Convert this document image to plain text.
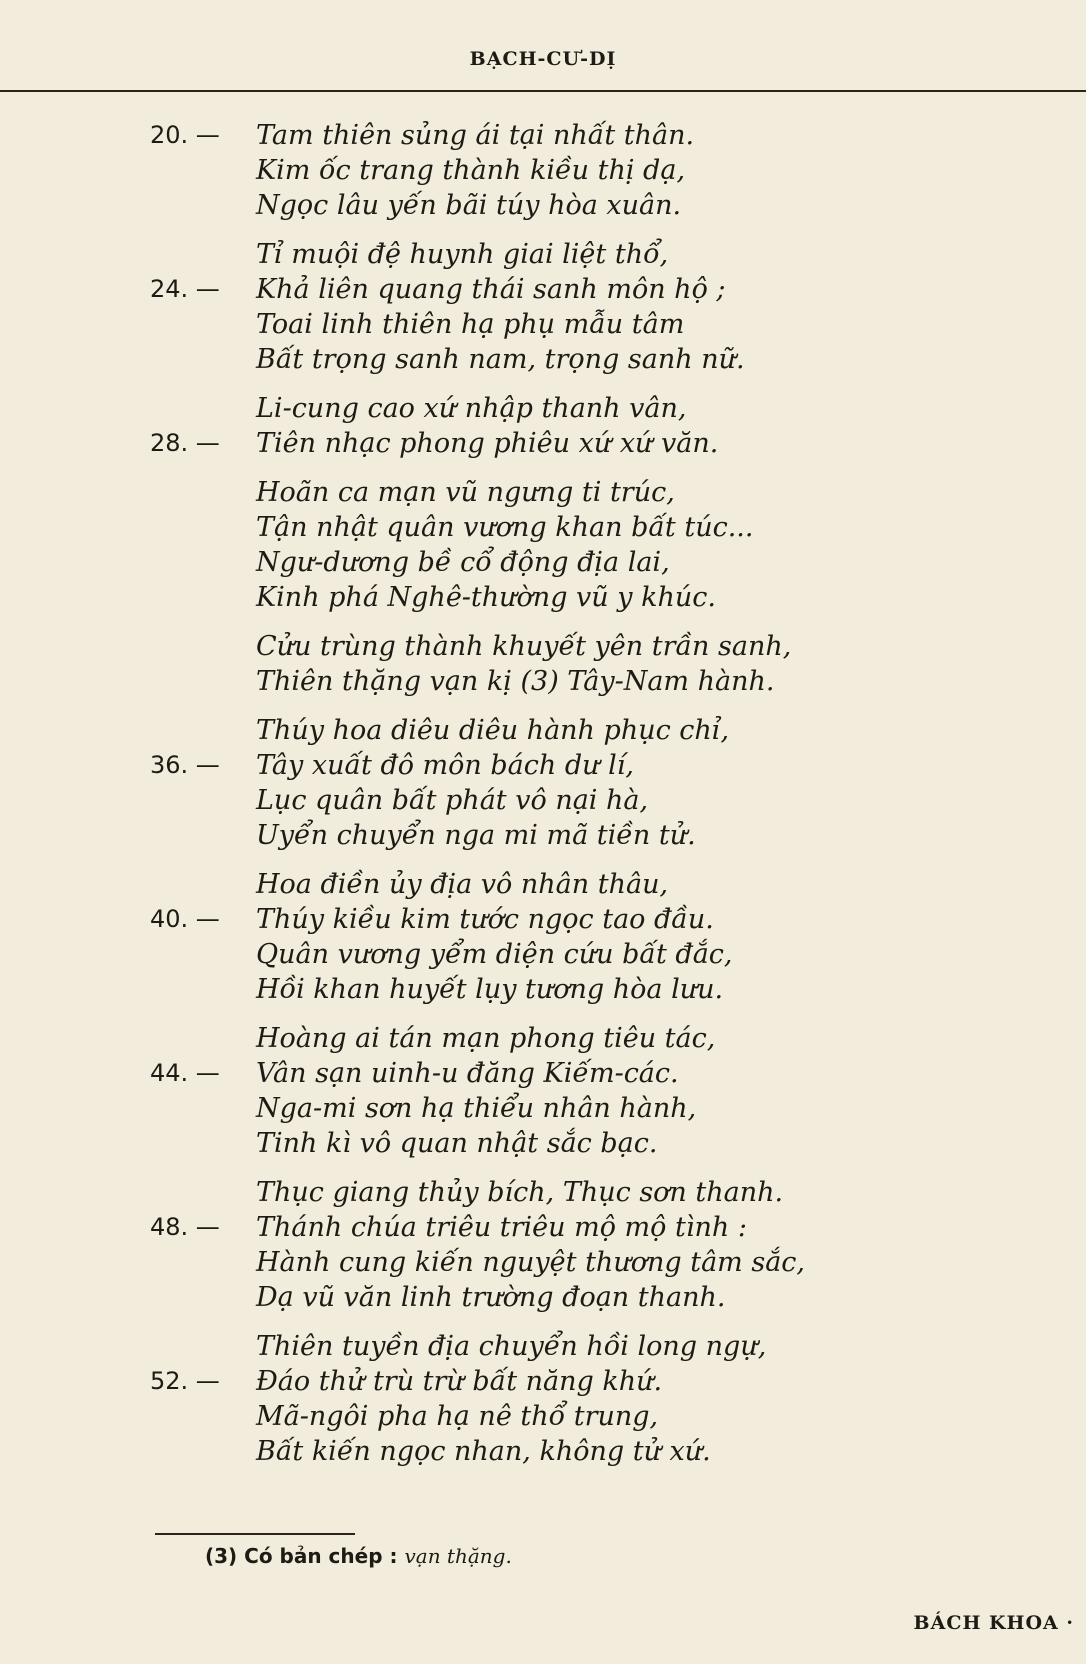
BẠCH-CƯ-DỊ
20. — Tam thiên sủng ái tại nhất thân.
Kim ốc trang thành kiều thị dạ,
Ngọc lâu yến bãi túy hòa xuân.
Tỉ muội đệ huynh giai liệt thổ,
24. — Khả liên quang thái sanh môn hộ ;
Toai linh thiên hạ phụ mẫu tâm
Bất trọng sanh nam, trọng sanh nữ.
Li-cung cao xứ nhập thanh vân,
28. — Tiên nhạc phong phiêu xứ xứ văn.
Hoãn ca mạn vũ ngưng ti trúc,
Tận nhật quân vương khan bất túc...
Ngư-dương bề cổ động địa lai,
Kinh phá Nghê-thường vũ y khúc.
Cửu trùng thành khuyết yên trần sanh,
Thiên thặng vạn kị (3) Tây-Nam hành.
Thúy hoa diêu diêu hành phục chỉ,
36. — Tây xuất đô môn bách dư lí,
Lục quân bất phát vô nại hà,
Uyển chuyển nga mi mã tiền tử.
Hoa điền ủy địa vô nhân thâu,
40. — Thúy kiều kim tước ngọc tao đầu.
Quân vương yểm diện cứu bất đắc,
Hồi khan huyết lụy tương hòa lưu.
Hoàng ai tán mạn phong tiêu tác,
44. — Vân sạn uinh-u đăng Kiếm-các.
Nga-mi sơn hạ thiểu nhân hành,
Tinh kì vô quan nhật sắc bạc.
Thục giang thủy bích, Thục sơn thanh.
48. — Thánh chúa triêu triêu mộ mộ tình :
Hành cung kiến nguyệt thương tâm sắc,
Dạ vũ văn linh trường đoạn thanh.
Thiên tuyền địa chuyển hồi long ngự,
52. — Đáo thử trù trừ bất năng khứ.
Mã-ngôi pha hạ nê thổ trung,
Bất kiến ngọc nhan, không tử xứ.
(3) Có bản chép : vạn thặng.
BÁCH KHOA ·
